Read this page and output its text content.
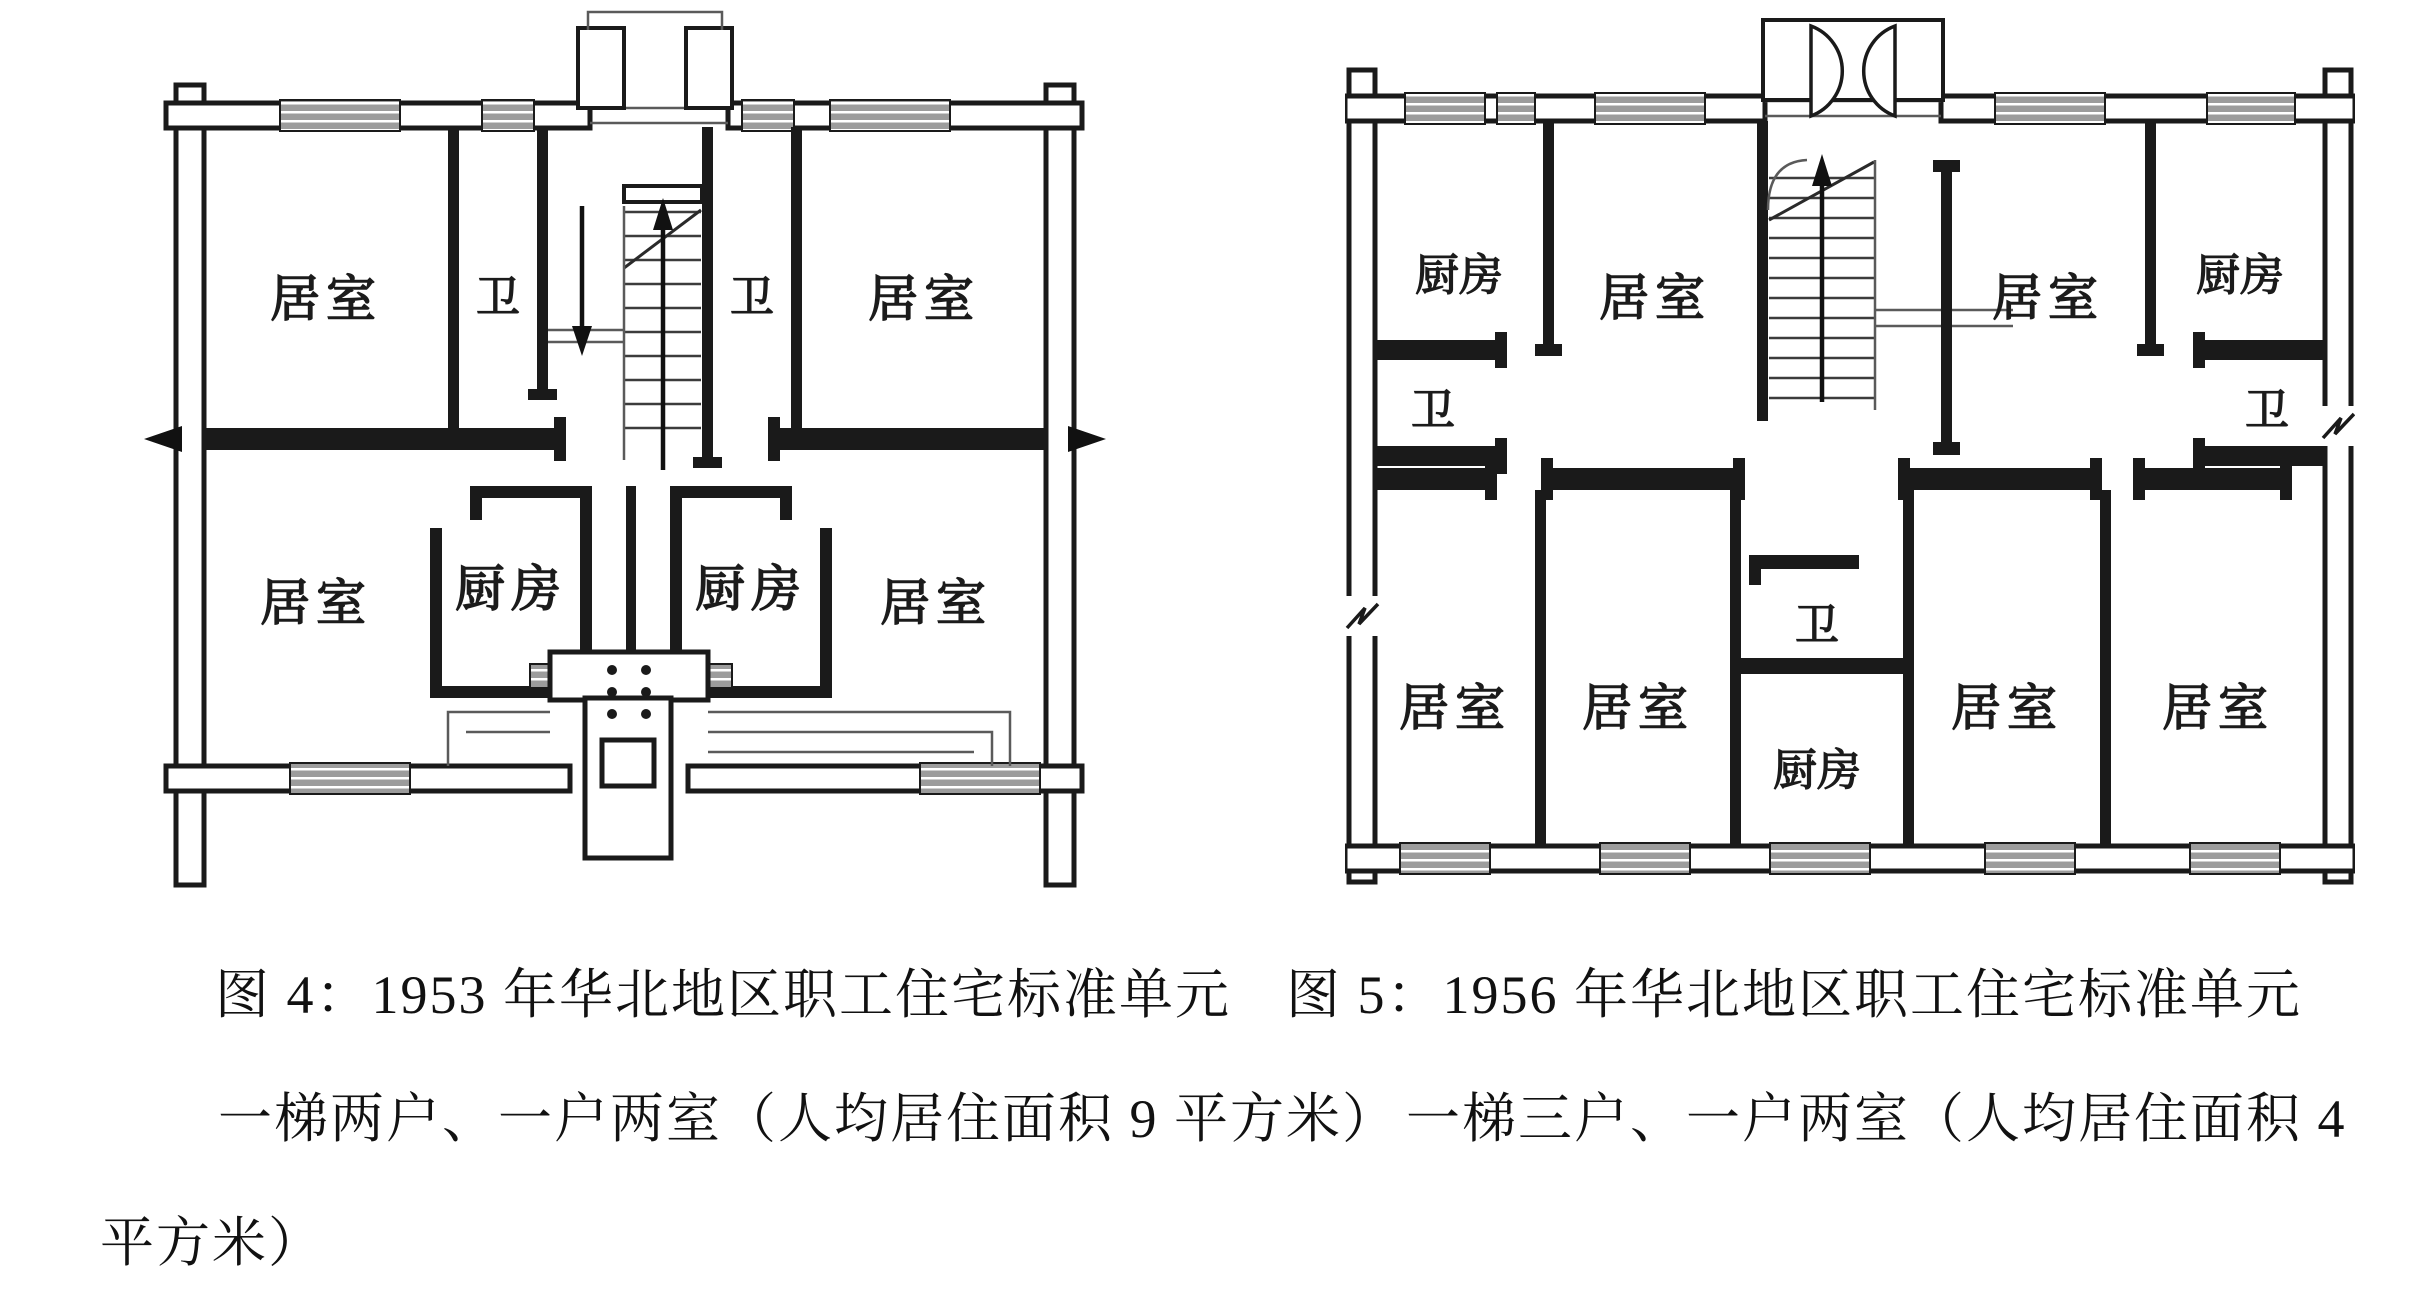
居室 卫	卫 居室
居室 厨房	厨房 居室
厨房 居室	居室 厨房
卫	卫
卫
厨房
居室 居室	居室 居室
图 4：1953 年华北地区职工住宅标准单元 图 5：1956 年华北地区职工住宅标准单元
一梯两户、一户两室（人均居住面积 9 平方米） 一梯三户、一户两室（人均居住面积 4
平方米）
